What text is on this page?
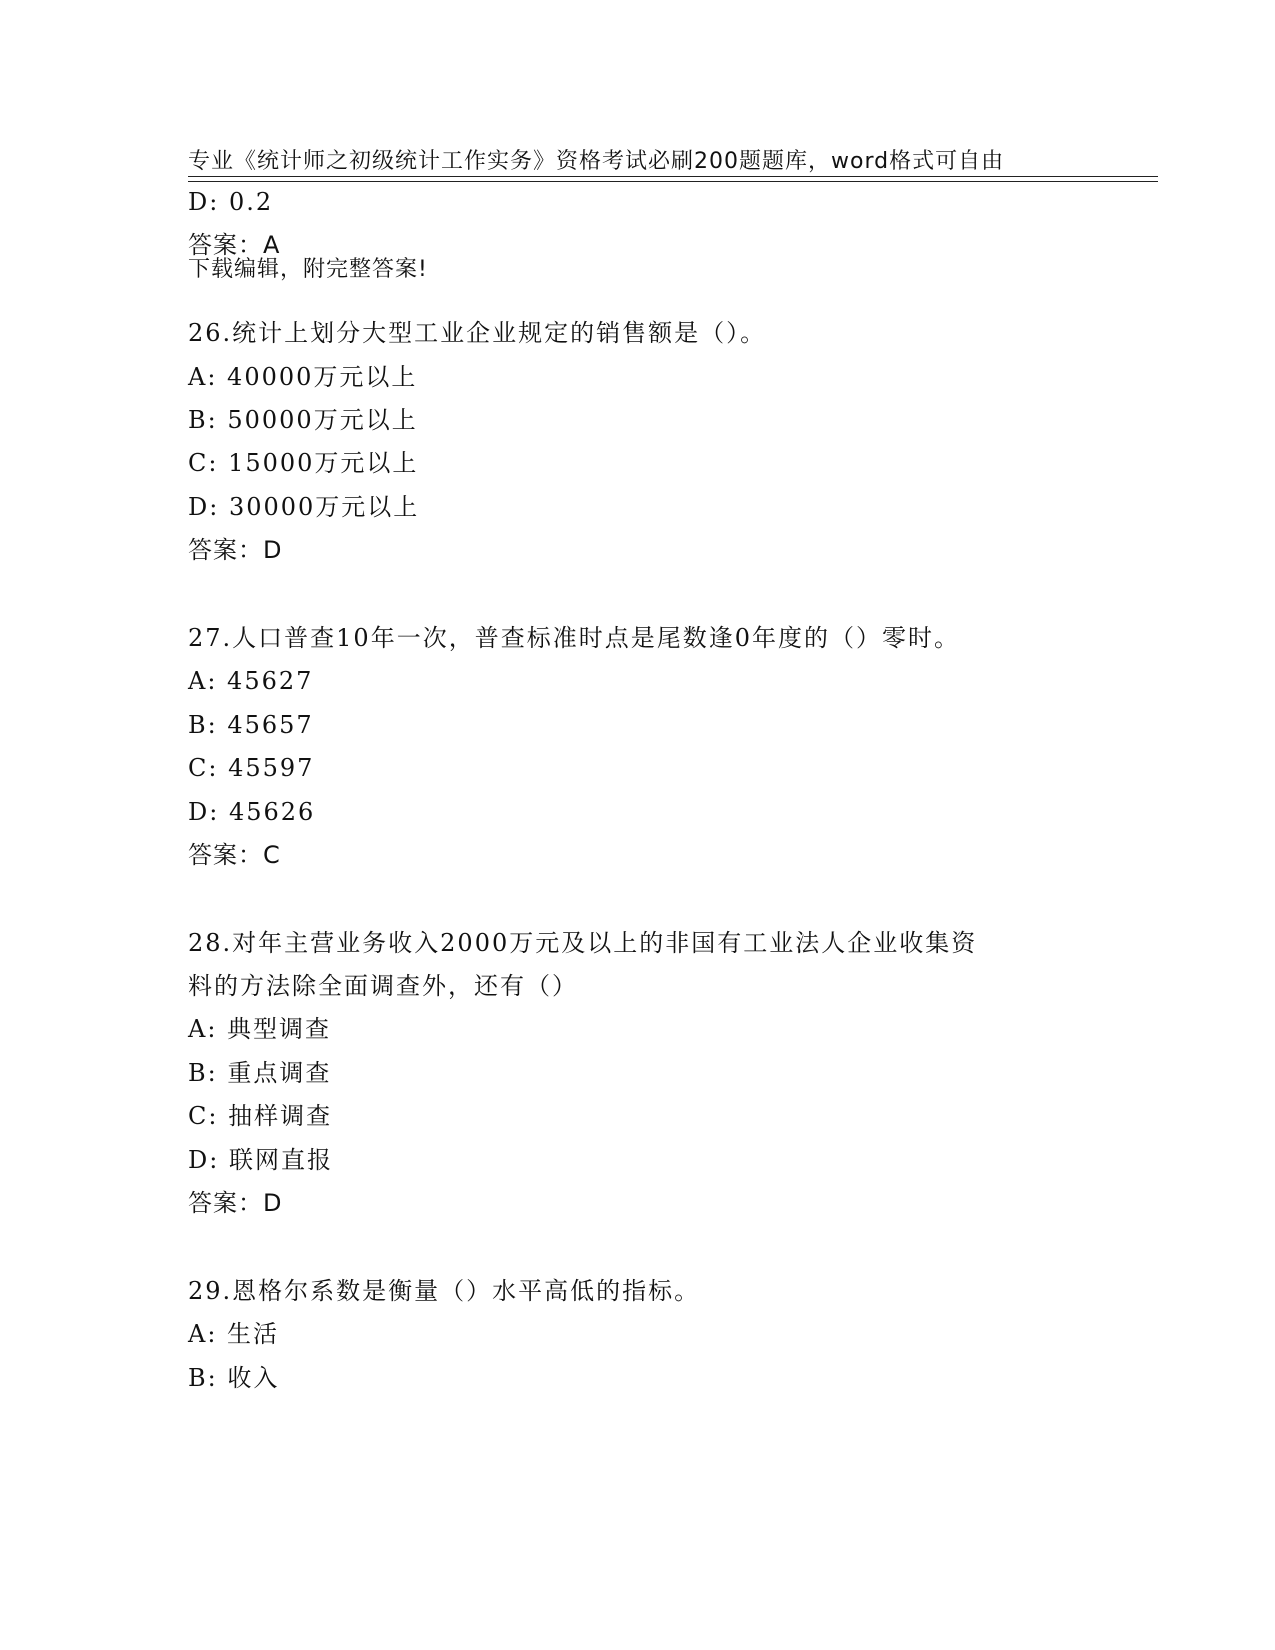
专业《统计师之初级统计工作实务》资格考试必刷200题题库，word格式可自由

下载编辑，附完整答案!

D: 0.2
答案：A
26.统计上划分大型工业企业规定的销售额是（）。
A: 40000万元以上
B: 50000万元以上
C: 15000万元以上
D: 30000万元以上
答案：D
27.人口普查10年一次，普查标准时点是尾数逢0年度的（）零时。
A: 45627
B: 45657
C: 45597
D: 45626
答案：C
28.对年主营业务收入2000万元及以上的非国有工业法人企业收集资
料的方法除全面调查外，还有（）
A: 典型调查
B: 重点调查
C: 抽样调查
D: 联网直报
答案：D
29.恩格尔系数是衡量（）水平高低的指标。
A: 生活
B: 收入
